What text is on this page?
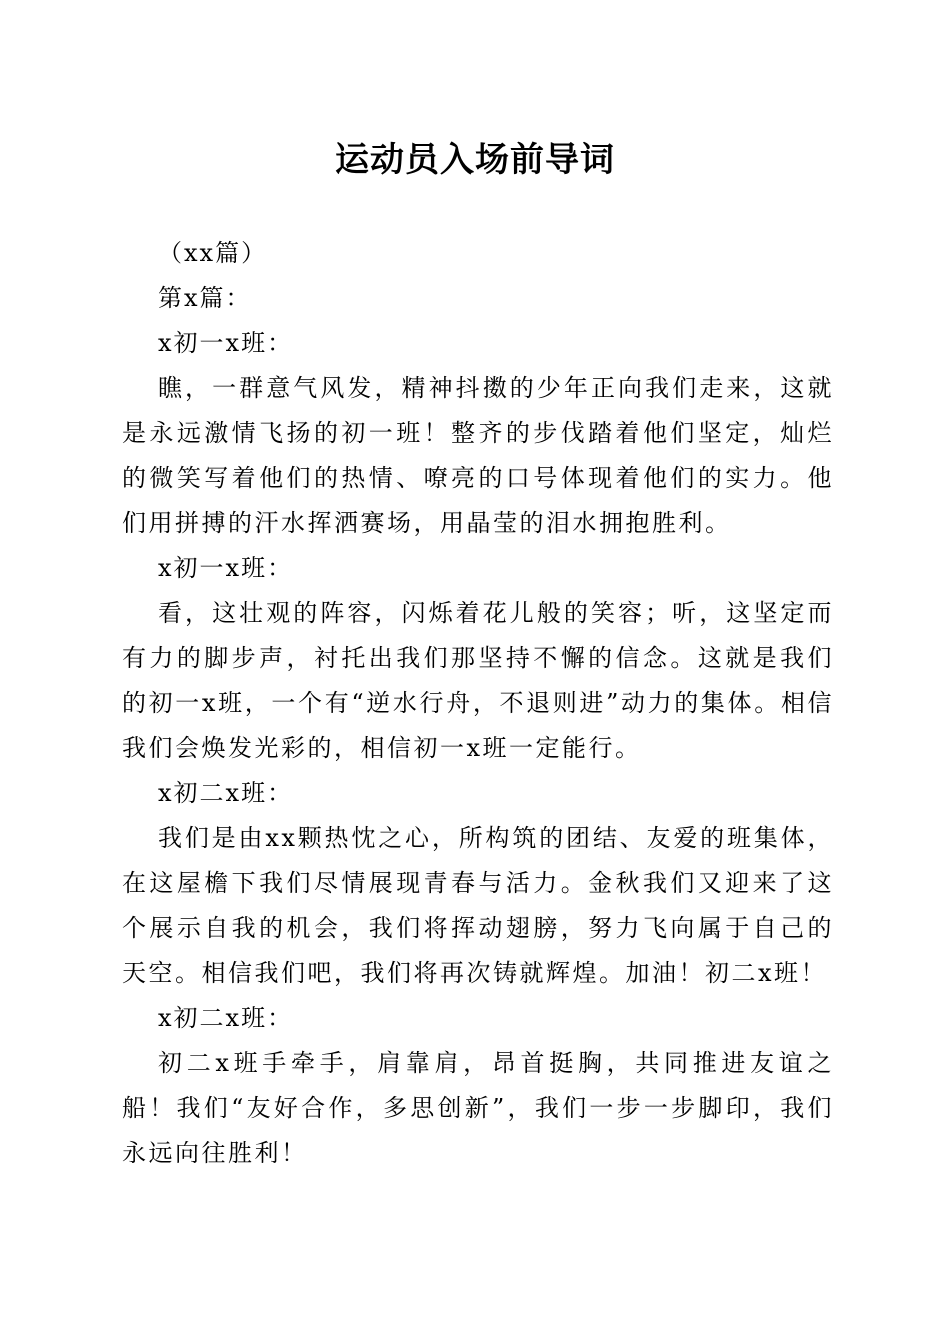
运动员入场前导词

（xx篇）

第x篇：

x初一x班：

瞧，一群意气风发，精神抖擞的少年正向我们走来，这就是永远激情飞扬的初一班！整齐的步伐踏着他们坚定，灿烂的微笑写着他们的热情、嘹亮的口号体现着他们的实力。他们用拼搏的汗水挥洒赛场，用晶莹的泪水拥抱胜利。

x初一x班：

看，这壮观的阵容，闪烁着花儿般的笑容；听，这坚定而有力的脚步声，衬托出我们那坚持不懈的信念。这就是我们的初一x班，一个有“逆水行舟，不退则进”动力的集体。相信我们会焕发光彩的，相信初一x班一定能行。

x初二x班：

我们是由xx颗热忱之心，所构筑的团结、友爱的班集体，在这屋檐下我们尽情展现青春与活力。金秋我们又迎来了这个展示自我的机会，我们将挥动翅膀，努力飞向属于自己的天空。相信我们吧，我们将再次铸就辉煌。加油！初二x班！

x初二x班：

初二x班手牵手，肩靠肩，昂首挺胸，共同推进友谊之船！我们“友好合作，多思创新”，我们一步一步脚印，我们永远向往胜利！
